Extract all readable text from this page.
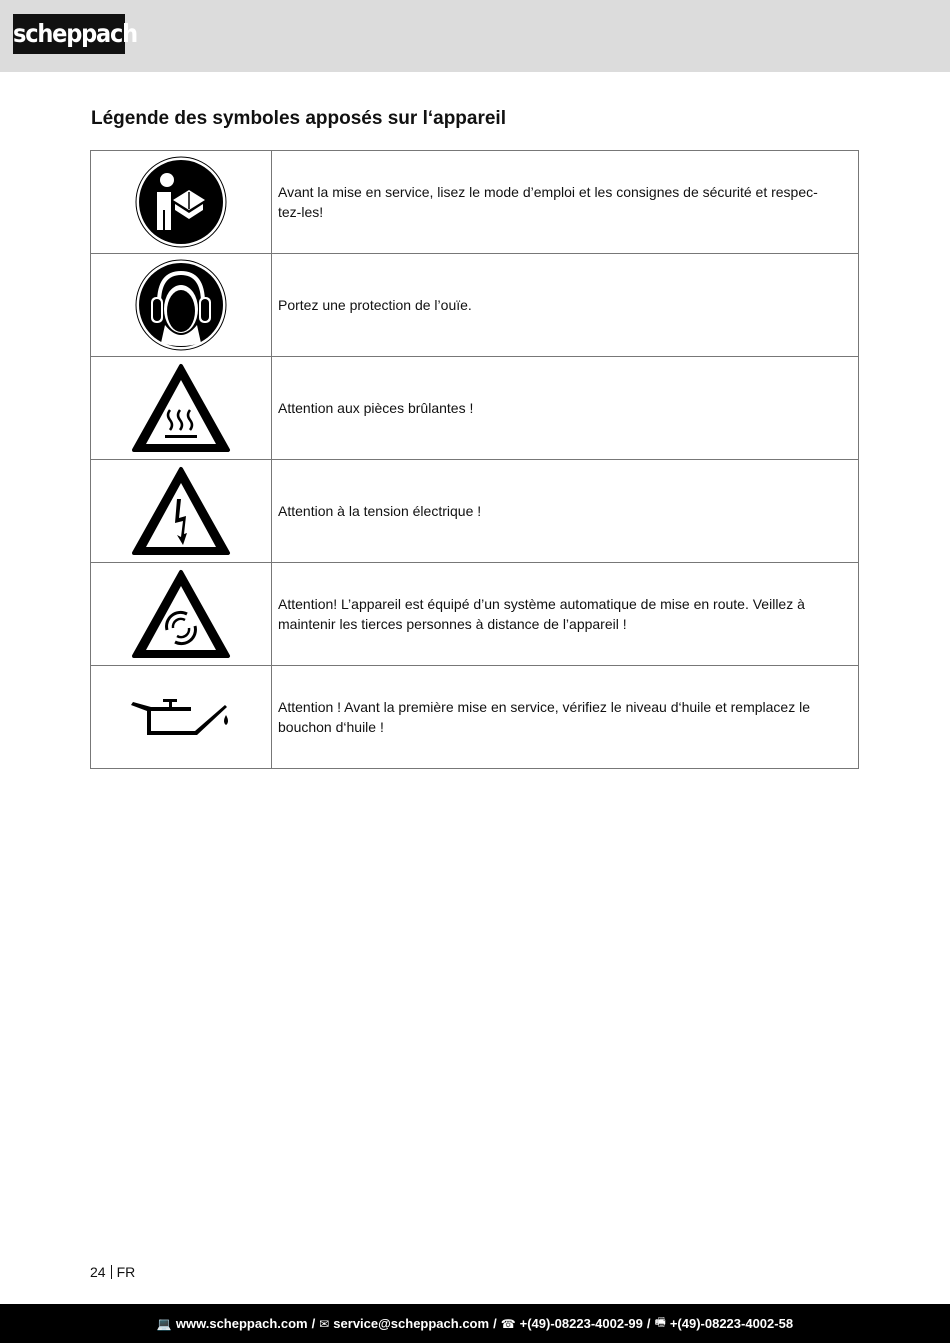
scheppach
Légende des symboles apposés sur l‘appareil
	Avant la mise en service, lisez le mode d’emploi et les consignes de sécurité et respec-tez-les!

	Portez une protection de l’ouïe.

	Attention aux pièces brûlantes !

	Attention à la tension électrique !

	Attention! L’appareil est équipé d’un système automatique de mise en route. Veillez à maintenir les tierces personnes à distance de l’appareil !

	Attention ! Avant la première mise en service, vérifiez le niveau d‘huile et remplacez le bouchon d‘huile !
24 FR
💻 www.scheppach.com / ✉ service@scheppach.com / ☎ +(49)-08223-4002-99 / 🖷 +(49)-08223-4002-58
